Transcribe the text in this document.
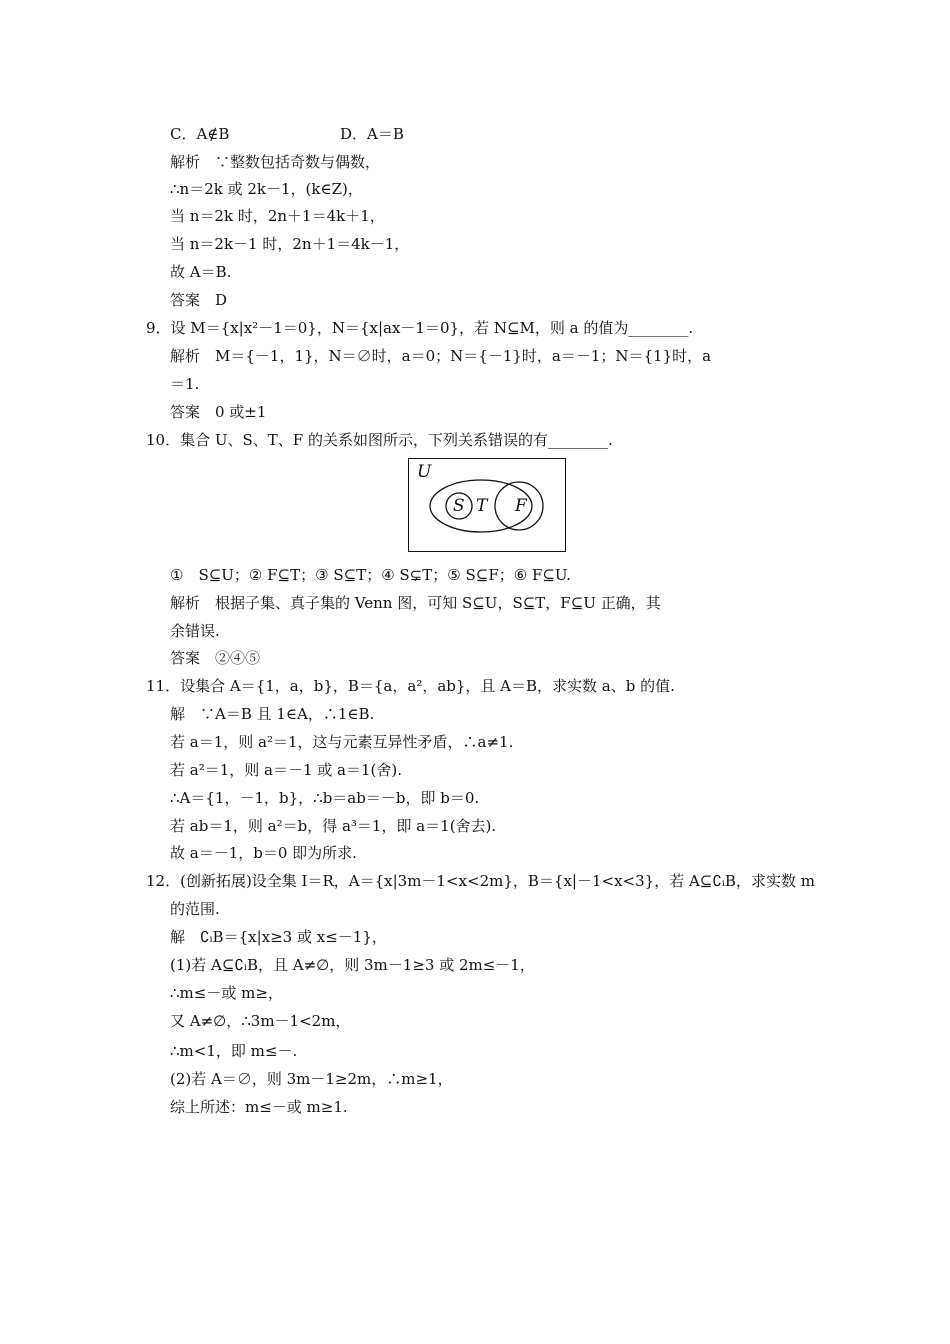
C．A∉B	D．A＝B
解析　∵整数包括奇数与偶数，
∴n＝2k 或 2k－1，(k∈Z)，
当 n＝2k 时，2n＋1＝4k＋1，
当 n＝2k－1 时，2n＋1＝4k－1，
故 A＝B.
答案　D
9．设 M＝{x|x²－1＝0}，N＝{x|ax－1＝0}，若 N⊆M，则 a 的值为________.
解析　M＝{－1，1}，N＝∅时，a＝0；N＝{－1}时，a＝－1；N＝{1}时，a
＝1.
答案　0 或±1
10．集合 U、S、T、F 的关系如图所示，下列关系错误的有________.
U
S T F
①　S⊆U；② F⊆T；③ S⊆T；④ S⊊T；⑤ S⊆F；⑥ F⊆U.
解析　根据子集、真子集的 Venn 图，可知 S⊆U，S⊆T，F⊆U 正确，其
余错误.
答案　②④⑤
11．设集合 A＝{1，a，b}，B＝{a，a²，ab}，且 A＝B，求实数 a、b 的值.
解　∵A＝B 且 1∈A，∴1∈B.
若 a＝1，则 a²＝1，这与元素互异性矛盾，∴a≠1.
若 a²＝1，则 a＝－1 或 a＝1(舍).
∴A＝{1，－1，b}，∴b＝ab＝－b，即 b＝0.
若 ab＝1，则 a²＝b，得 a³＝1，即 a＝1(舍去).
故 a＝－1，b＝0 即为所求.
12．(创新拓展)设全集 I＝R，A＝{x|3m－1<x<2m}，B＝{x|－1<x<3}，若 A⊆∁ᵢB，求实数 m
的范围.
解　∁ᵢB＝{x|x≥3 或 x≤－1}，
(1)若 A⊆∁ᵢB，且 A≠∅，则 3m－1≥3 或 2m≤－1，
∴m≤－或 m≥，
又 A≠∅，∴3m－1<2m，
∴m<1，即 m≤－.
(2)若 A＝∅，则 3m－1≥2m，∴m≥1，
综上所述：m≤－或 m≥1.
